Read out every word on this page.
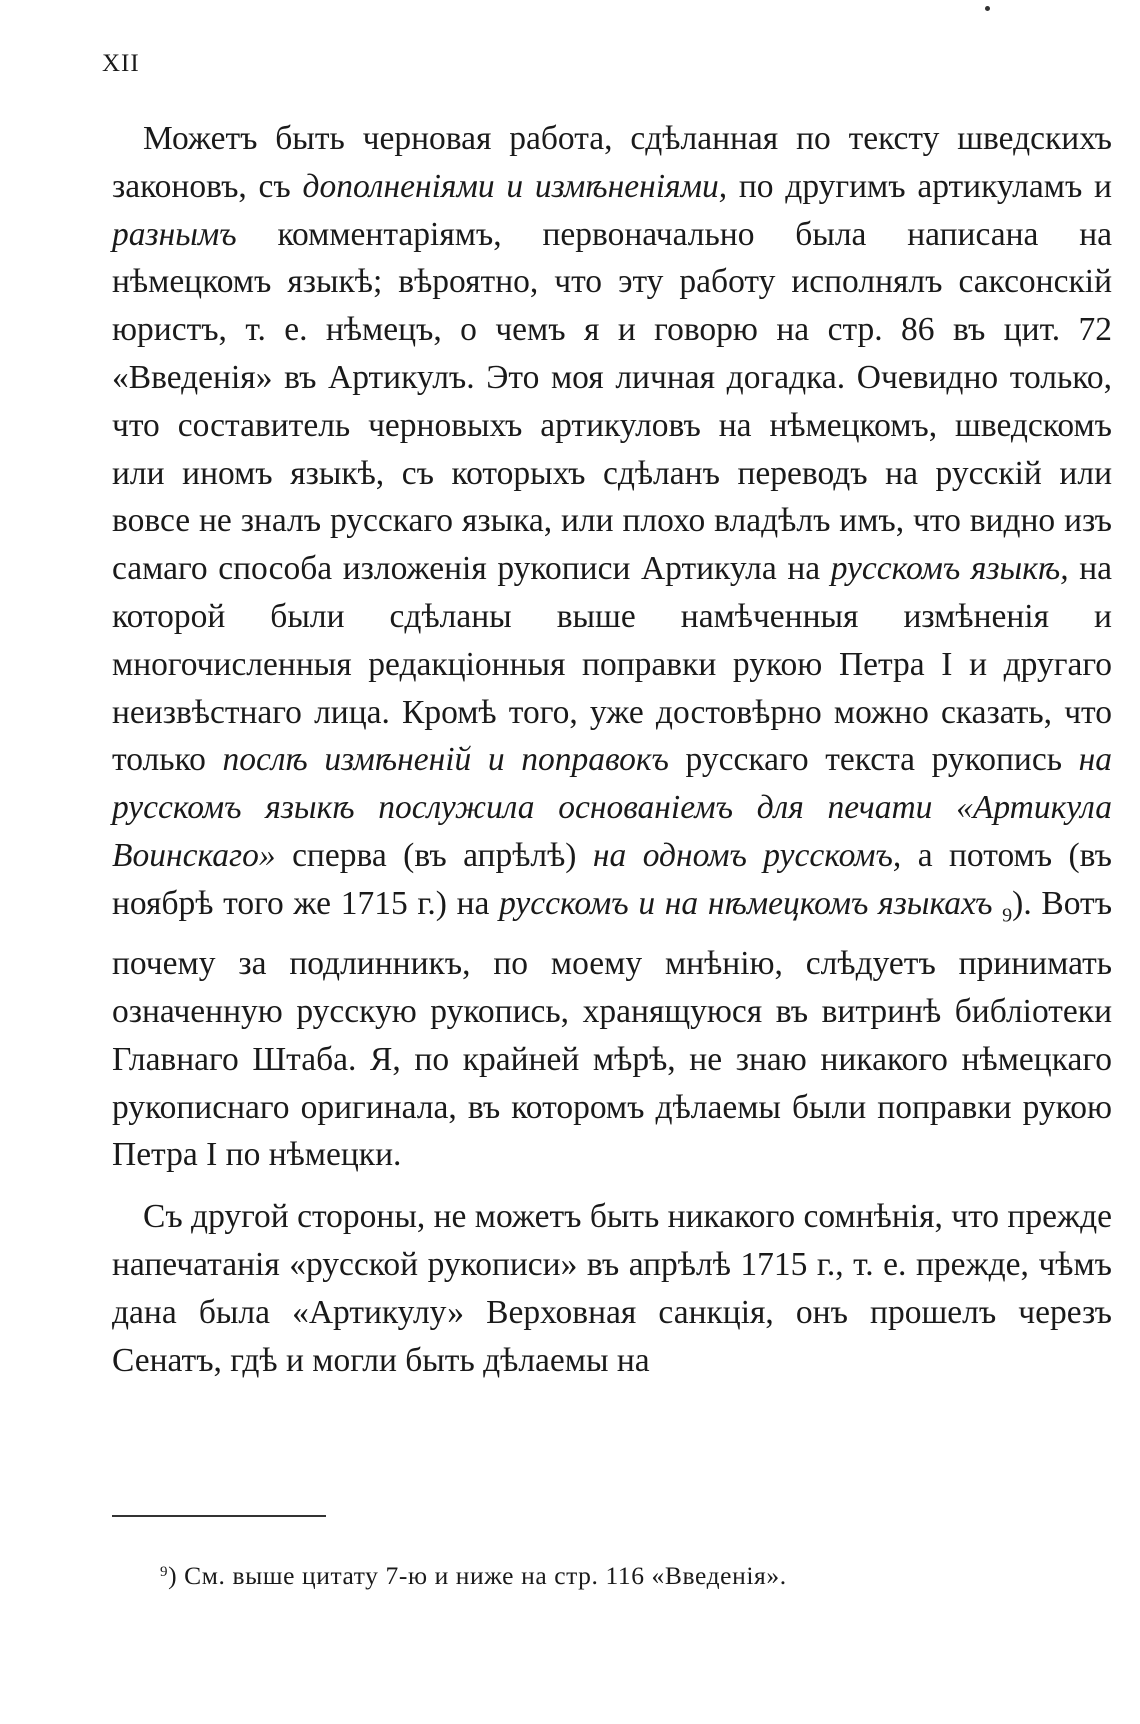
XII

Можетъ быть черновая работа, сдѣланная по тексту шведскихъ законовъ, съ дополненіями и измѣненіями, по другимъ артикуламъ и разнымъ комментаріямъ, первоначально была написана на нѣмецкомъ языкѣ; вѣроятно, что эту работу исполнялъ саксонскій юристъ, т. е. нѣмецъ, о чемъ я и говорю на стр. 86 въ цит. 72 «Введенія» въ Артикулъ. Это моя личная догадка. Очевидно только, что составитель черновыхъ артикуловъ на нѣмецкомъ, шведскомъ или иномъ языкѣ, съ которыхъ сдѣланъ переводъ на русскій или вовсе не зналъ русскаго языка, или плохо владѣлъ имъ, что видно изъ самаго способа изложенія рукописи Артикула на русскомъ языкѣ, на которой были сдѣланы выше намѣченныя измѣненія и многочисленныя редакціонныя поправки рукою Петра I и другаго неизвѣстнаго лица. Кромѣ того, уже достовѣрно можно сказать, что только послѣ измѣненій и поправокъ русскаго текста рукопись на русскомъ языкѣ послужила основаніемъ для печати «Артикула Воинскаго» сперва (въ апрѣлѣ) на одномъ русскомъ, а потомъ (въ ноябрѣ того же 1715 г.) на русскомъ и на нѣмецкомъ языкахъ $_9$). Вотъ почему за подлинникъ, по моему мнѣнію, слѣдуетъ принимать означенную русскую рукопись, хранящуюся въ витринѣ библіотеки Главнаго Штаба. Я, по крайней мѣрѣ, не знаю никакого нѣмецкаго рукописнаго оригинала, въ которомъ дѣлаемы были поправки рукою Петра I по нѣмецки.

Съ другой стороны, не можетъ быть никакого сомнѣнія, что прежде напечатанія «русской рукописи» въ апрѣлѣ 1715 г., т. е. прежде, чѣмъ дана была «Артикулу» Верховная санкція, онъ прошелъ черезъ Сенатъ, гдѣ и могли быть дѣлаемы на

$^9$) См. выше цитату 7-ю и ниже на стр. 116 «Введенія».
